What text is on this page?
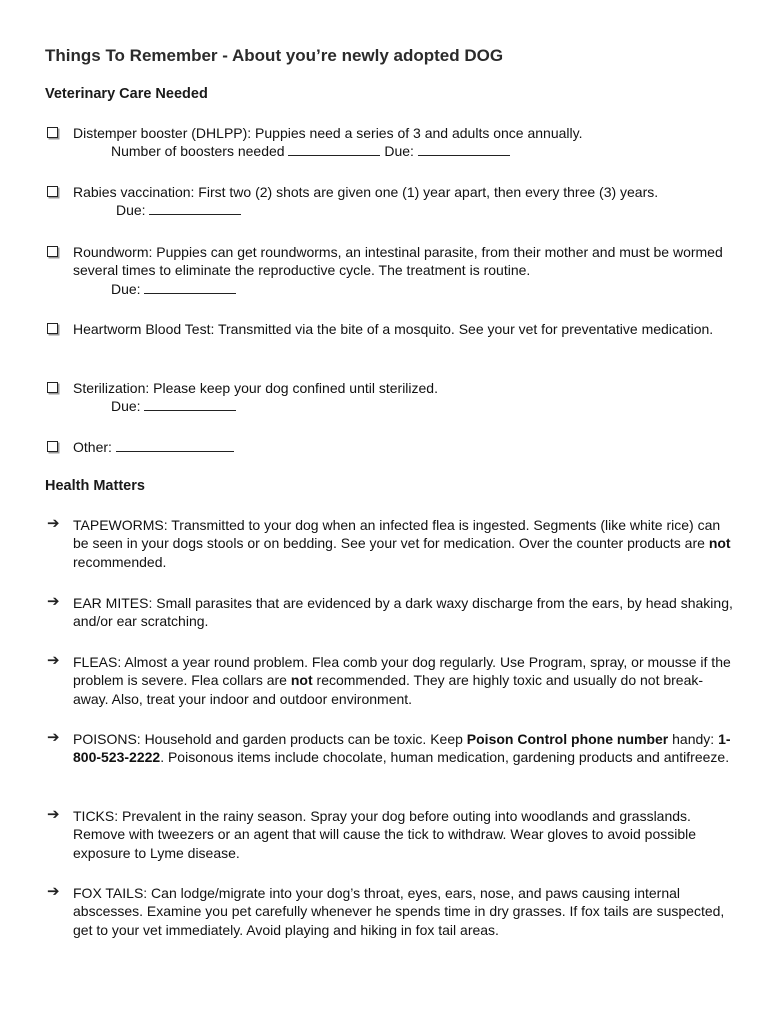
Things To Remember - About you’re newly adopted DOG
Veterinary Care Needed
Distemper booster (DHLPP): Puppies need a series of 3 and adults once annually.
Number of boosters needed	Due:
Rabies vaccination: First two (2) shots are given one (1) year apart, then every three (3) years.
Due:
Roundworm: Puppies can get roundworms, an intestinal parasite, from their mother and must be wormed several times to eliminate the reproductive cycle. The treatment is routine.
Due:
Heartworm Blood Test: Transmitted via the bite of a mosquito. See your vet for preventative medication.
Sterilization: Please keep your dog confined until sterilized.
Due:
Other:
Health Matters
➔ TAPEWORMS: Transmitted to your dog when an infected flea is ingested. Segments (like white rice) can be seen in your dogs stools or on bedding. See your vet for medication. Over the counter products are not recommended.
➔ EAR MITES: Small parasites that are evidenced by a dark waxy discharge from the ears, by head shaking, and/or ear scratching.
➔ FLEAS: Almost a year round problem. Flea comb your dog regularly. Use Program, spray, or mousse if the problem is severe. Flea collars are not recommended. They are highly toxic and usually do not break-away. Also, treat your indoor and outdoor environment.
➔ POISONS: Household and garden products can be toxic. Keep Poison Control phone number handy: 1-800-523-2222. Poisonous items include chocolate, human medication, gardening products and antifreeze.
➔ TICKS: Prevalent in the rainy season. Spray your dog before outing into woodlands and grasslands. Remove with tweezers or an agent that will cause the tick to withdraw. Wear gloves to avoid possible exposure to Lyme disease.
➔ FOX TAILS: Can lodge/migrate into your dog’s throat, eyes, ears, nose, and paws causing internal abscesses. Examine you pet carefully whenever he spends time in dry grasses. If fox tails are suspected, get to your vet immediately. Avoid playing and hiking in fox tail areas.
